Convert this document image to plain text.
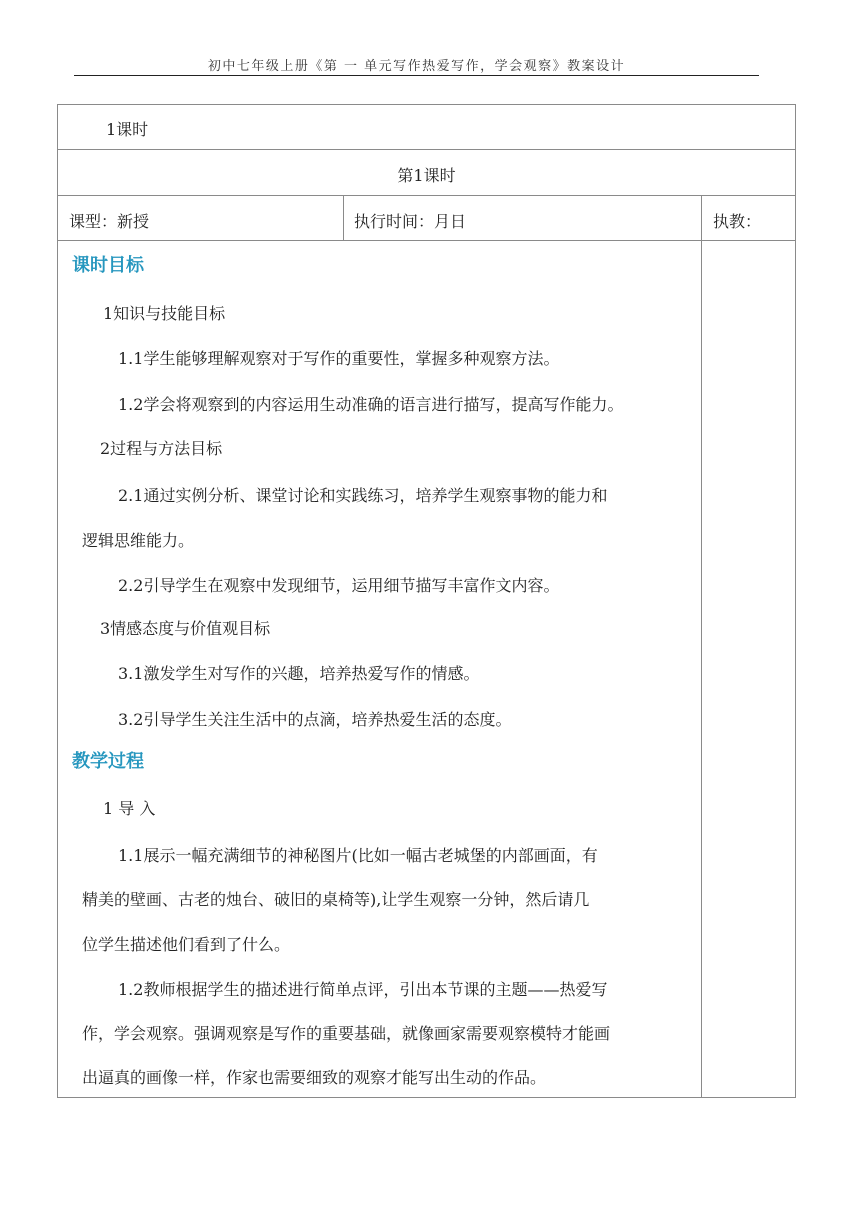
初中七年级上册《第 一 单元写作热爱写作，学会观察》教案设计
1课时
第1课时
课型：新授	执行时间：月日	执教：
课时目标
1知识与技能目标
1.1学生能够理解观察对于写作的重要性，掌握多种观察方法。
1.2学会将观察到的内容运用生动准确的语言进行描写，提高写作能力。
2过程与方法目标
2.1通过实例分析、课堂讨论和实践练习，培养学生观察事物的能力和
逻辑思维能力。
2.2引导学生在观察中发现细节，运用细节描写丰富作文内容。
3情感态度与价值观目标
3.1激发学生对写作的兴趣，培养热爱写作的情感。
3.2引导学生关注生活中的点滴，培养热爱生活的态度。
教学过程
1 导 入
1.1展示一幅充满细节的神秘图片(比如一幅古老城堡的内部画面，有
精美的壁画、古老的烛台、破旧的桌椅等),让学生观察一分钟，然后请几
位学生描述他们看到了什么。
1.2教师根据学生的描述进行简单点评，引出本节课的主题——热爱写
作，学会观察。强调观察是写作的重要基础，就像画家需要观察模特才能画
出逼真的画像一样，作家也需要细致的观察才能写出生动的作品。
